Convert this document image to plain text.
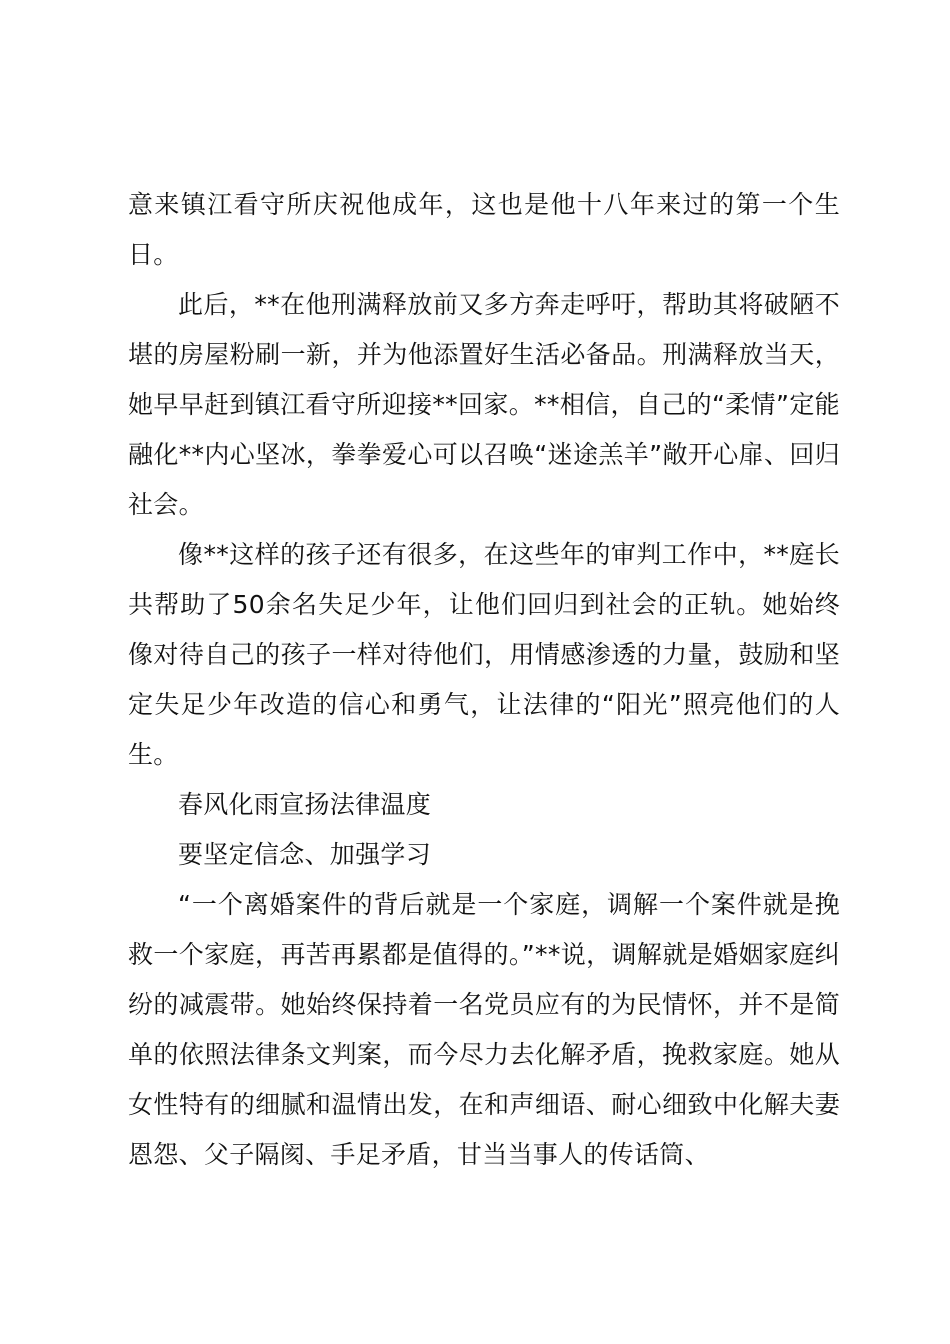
意来镇江看守所庆祝他成年，这也是他十八年来过的第一个生日。

此后，**在他刑满释放前又多方奔走呼吁，帮助其将破陋不堪的房屋粉刷一新，并为他添置好生活必备品。刑满释放当天，她早早赶到镇江看守所迎接**回家。**相信，自己的“柔情”定能融化**内心坚冰，拳拳爱心可以召唤“迷途羔羊”敞开心扉、回归社会。

像**这样的孩子还有很多，在这些年的审判工作中，**庭长共帮助了50余名失足少年，让他们回归到社会的正轨。她始终像对待自己的孩子一样对待他们，用情感渗透的力量，鼓励和坚定失足少年改造的信心和勇气，让法律的“阳光”照亮他们的人生。

春风化雨宣扬法律温度

要坚定信念、加强学习

“一个离婚案件的背后就是一个家庭，调解一个案件就是挽救一个家庭，再苦再累都是值得的。”**说，调解就是婚姻家庭纠纷的减震带。她始终保持着一名党员应有的为民情怀，并不是简单的依照法律条文判案，而今尽力去化解矛盾，挽救家庭。她从女性特有的细腻和温情出发，在和声细语、耐心细致中化解夫妻恩怨、父子隔阂、手足矛盾，甘当当事人的传话筒、
